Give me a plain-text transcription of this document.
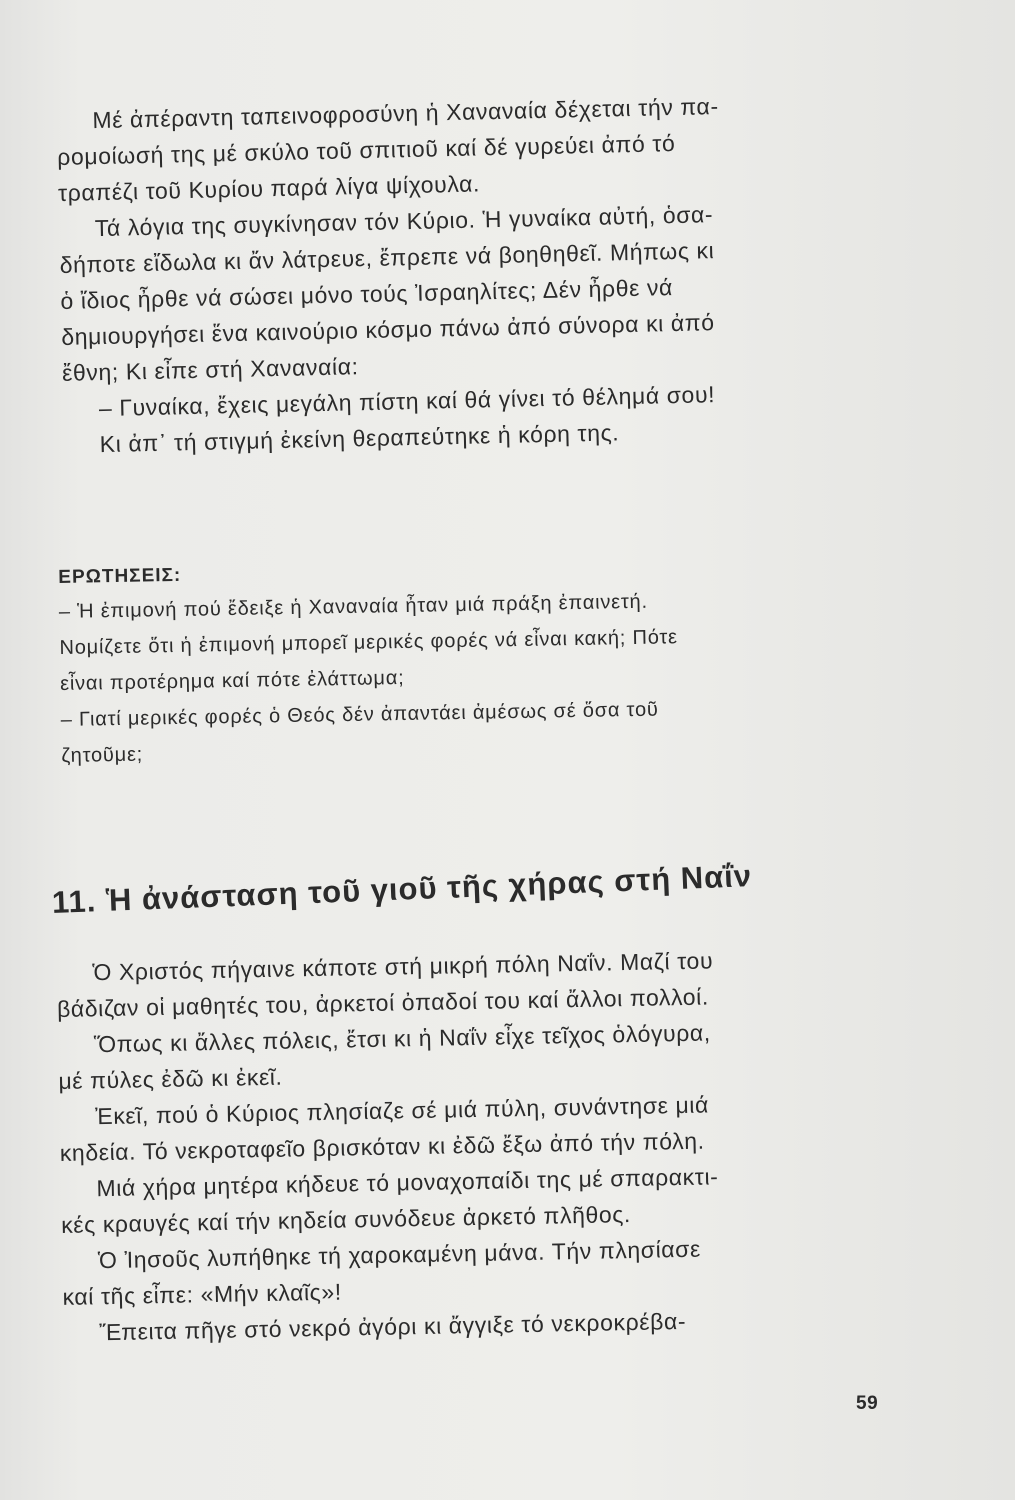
Μέ ἀπέραντη ταπεινοφροσύνη ἡ Χαναναία δέχεται τήν πα-
ρομοίωσή της μέ σκύλο τοῦ σπιτιοῦ καί δέ γυρεύει ἀπό τό
τραπέζι τοῦ Κυρίου παρά λίγα ψίχουλα.
Τά λόγια της συγκίνησαν τόν Κύριο. Ἡ γυναίκα αὐτή, ὁσα-
δήποτε εἴδωλα κι ἄν λάτρευε, ἔπρεπε νά βοηθηθεῖ. Μήπως κι
ὁ ἴδιος ἦρθε νά σώσει μόνο τούς Ἰσραηλίτες; Δέν ἦρθε νά
δημιουργήσει ἕνα καινούριο κόσμο πάνω ἀπό σύνορα κι ἀπό
ἔθνη; Κι εἶπε στή Χαναναία:
– Γυναίκα, ἔχεις μεγάλη πίστη καί θά γίνει τό θέλημά σου!
Κι ἀπ᾽ τή στιγμή ἐκείνη θεραπεύτηκε ἡ κόρη της.
ΕΡΩΤΗΣΕΙΣ:
– Ἡ ἐπιμονή πού ἔδειξε ἡ Χαναναία ἦταν μιά πράξη ἐπαινετή.
Νομίζετε ὅτι ἡ ἐπιμονή μπορεῖ μερικές φορές νά εἶναι κακή; Πότε
εἶναι προτέρημα καί πότε ἐλάττωμα;
– Γιατί μερικές φορές ὁ Θεός δέν ἀπαντάει ἀμέσως σέ ὅσα τοῦ
ζητοῦμε;
11. Ἡ ἀνάσταση τοῦ γιοῦ τῆς χήρας στή Ναΐν
Ὁ Χριστός πήγαινε κάποτε στή μικρή πόλη Ναΐν. Μαζί του
βάδιζαν οἱ μαθητές του, ἀρκετοί ὀπαδοί του καί ἄλλοι πολλοί.
Ὅπως κι ἄλλες πόλεις, ἔτσι κι ἡ Ναΐν εἶχε τεῖχος ὁλόγυρα,
μέ πύλες ἐδῶ κι ἐκεῖ.
Ἐκεῖ, πού ὁ Κύριος πλησίαζε σέ μιά πύλη, συνάντησε μιά
κηδεία. Τό νεκροταφεῖο βρισκόταν κι ἐδῶ ἔξω ἀπό τήν πόλη.
Μιά χήρα μητέρα κήδευε τό μοναχοπαίδι της μέ σπαρακτι-
κές κραυγές καί τήν κηδεία συνόδευε ἀρκετό πλῆθος.
Ὁ Ἰησοῦς λυπήθηκε τή χαροκαμένη μάνα. Τήν πλησίασε
καί τῆς εἶπε: «Μήν κλαῖς»!
Ἔπειτα πῆγε στό νεκρό ἀγόρι κι ἄγγιξε τό νεκροκρέβα-
59
